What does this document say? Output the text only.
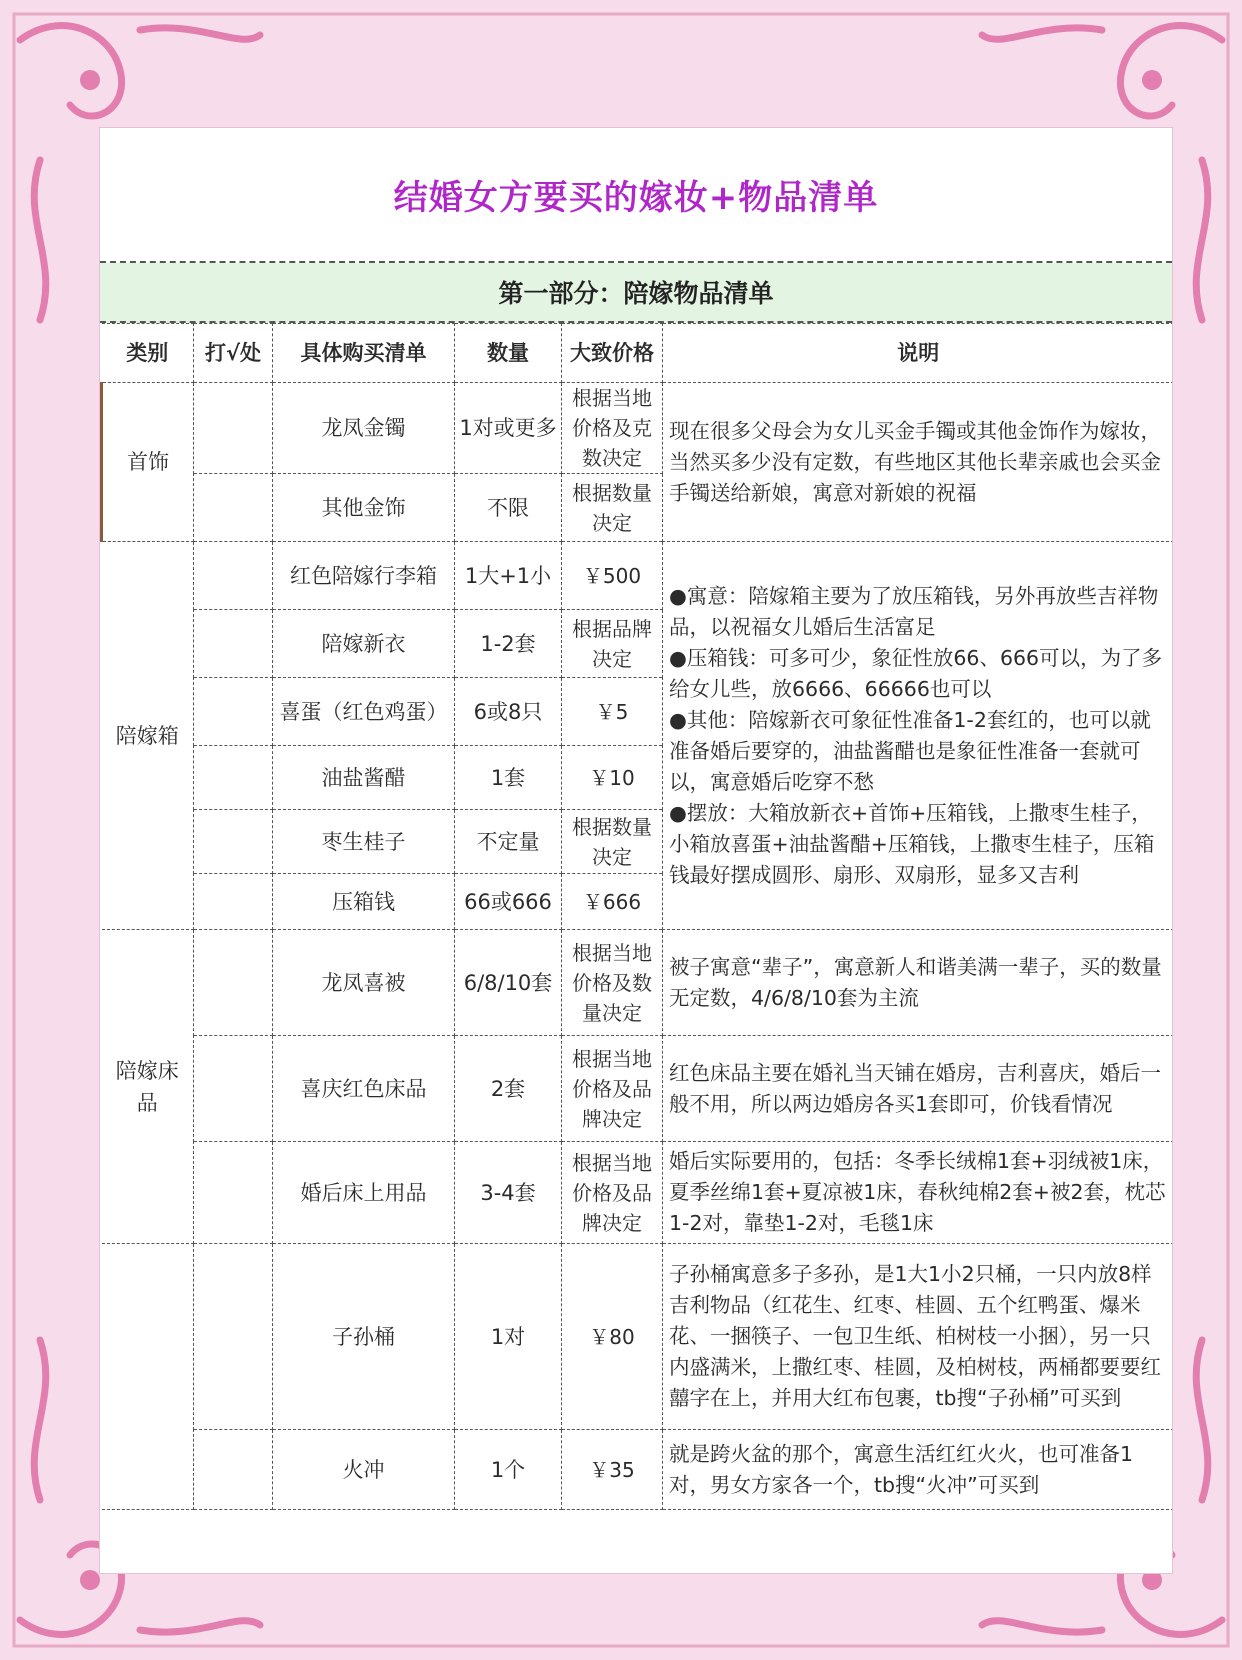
结婚女方要买的嫁妆+物品清单
第一部分：陪嫁物品清单
类别	打√处	具体购买清单	数量	大致价格	说明
首饰		龙凤金镯	1对或更多	根据当地价格及克数决定	现在很多父母会为女儿买金手镯或其他金饰作为嫁妆，当然买多少没有定数，有些地区其他长辈亲戚也会买金手镯送给新娘，寓意对新娘的祝福
		其他金饰	不限	根据数量决定	
陪嫁箱		红色陪嫁行李箱	1大+1小	￥500	●寓意：陪嫁箱主要为了放压箱钱，另外再放些吉祥物品，以祝福女儿婚后生活富足
●压箱钱：可多可少，象征性放66、666可以，为了多给女儿些，放6666、66666也可以
●其他：陪嫁新衣可象征性准备1-2套红的，也可以就准备婚后要穿的，油盐酱醋也是象征性准备一套就可以，寓意婚后吃穿不愁
●摆放：大箱放新衣+首饰+压箱钱，上撒枣生桂子，小箱放喜蛋+油盐酱醋+压箱钱，上撒枣生桂子，压箱钱最好摆成圆形、扇形、双扇形，显多又吉利
		陪嫁新衣	1-2套	根据品牌决定	
		喜蛋（红色鸡蛋）	6或8只	￥5	
		油盐酱醋	1套	￥10	
		枣生桂子	不定量	根据数量决定	
		压箱钱	66或666	￥666	
陪嫁床品		龙凤喜被	6/8/10套	根据当地价格及数量决定	被子寓意“辈子”，寓意新人和谐美满一辈子，买的数量无定数，4/6/8/10套为主流
		喜庆红色床品	2套	根据当地价格及品牌决定	红色床品主要在婚礼当天铺在婚房，吉利喜庆，婚后一般不用，所以两边婚房各买1套即可，价钱看情况
		婚后床上用品	3-4套	根据当地价格及品牌决定	婚后实际要用的，包括：冬季长绒棉1套+羽绒被1床，夏季丝绵1套+夏凉被1床，春秋纯棉2套+被2套，枕芯1-2对，靠垫1-2对，毛毯1床
		子孙桶	1对	￥80	子孙桶寓意多子多孙，是1大1小2只桶，一只内放8样吉利物品（红花生、红枣、桂圆、五个红鸭蛋、爆米花、一捆筷子、一包卫生纸、柏树枝一小捆），另一只内盛满米，上撒红枣、桂圆，及柏树枝，两桶都要要红囍字在上，并用大红布包裹，tb搜“子孙桶”可买到
		火冲	1个	￥35	就是跨火盆的那个，寓意生活红红火火，也可准备1对，男女方家各一个，tb搜“火冲”可买到
